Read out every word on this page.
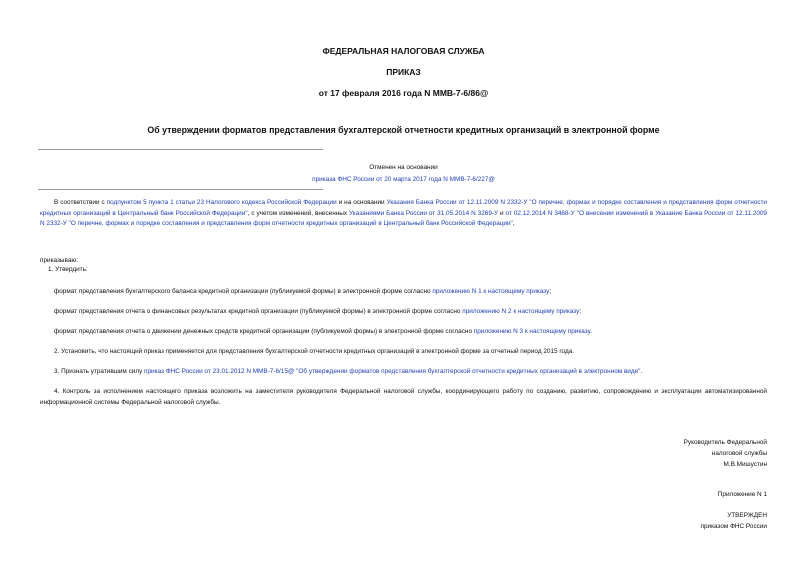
ФЕДЕРАЛЬНАЯ НАЛОГОВАЯ СЛУЖБА
ПРИКАЗ
от 17 февраля 2016 года N ММВ-7-6/86@
Об утверждении форматов представления бухгалтерской отчетности кредитных организаций в электронной форме
Отменен на основании
приказа ФНС России от 20 марта 2017 года N ММВ-7-6/227@
В соответствии с подпунктом 5 пункта 1 статьи 23 Налогового кодекса Российской Федерации и на основании Указания Банка России от 12.11.2009 N 2332-У "О перечне, формах и порядке составления и представления форм отчетности кредитных организаций в Центральный банк Российской Федерации", с учетом изменений, внесенных Указаниями Банка России от 31.05.2014 N 3269-У и от 02.12.2014 N 3468-У "О внесении изменений в Указание Банка России от 12.11.2009 N 2332-У "О перечне, формах и порядке составления и представления форм отчетности кредитных организаций в Центральный банк Российской Федерации",
приказываю:
1. Утвердить:
формат представления бухгалтерского баланса кредитной организации (публикуемой формы) в электронной форме согласно приложению N 1 к настоящему приказу;
формат представления отчета о финансовых результатах кредитной организации (публикуемой формы) в электронной форме согласно приложению N 2 к настоящему приказу;
формат представления отчета о движении денежных средств кредитной организации (публикуемой формы) в электронной форме согласно приложению N 3 к настоящему приказу.
2. Установить, что настоящий приказ применяется для представления бухгалтерской отчетности кредитных организаций в электронной форме за отчетный период 2015 года.
3. Признать утратившим силу приказ ФНС России от 23.01.2012 N ММВ-7-6/15@ "Об утверждении форматов представления бухгалтерской отчетности кредитных организаций в электронном виде".
4. Контроль за исполнением настоящего приказа возложить на заместителя руководителя Федеральной налоговой службы, координирующего работу по созданию, развитию, сопровождению и эксплуатации автоматизированной информационной системы Федеральной налоговой службы.
Руководитель Федеральной
налоговой службы
М.В.Мишустин
Приложение N 1
УТВЕРЖДЕН
приказом ФНС России
